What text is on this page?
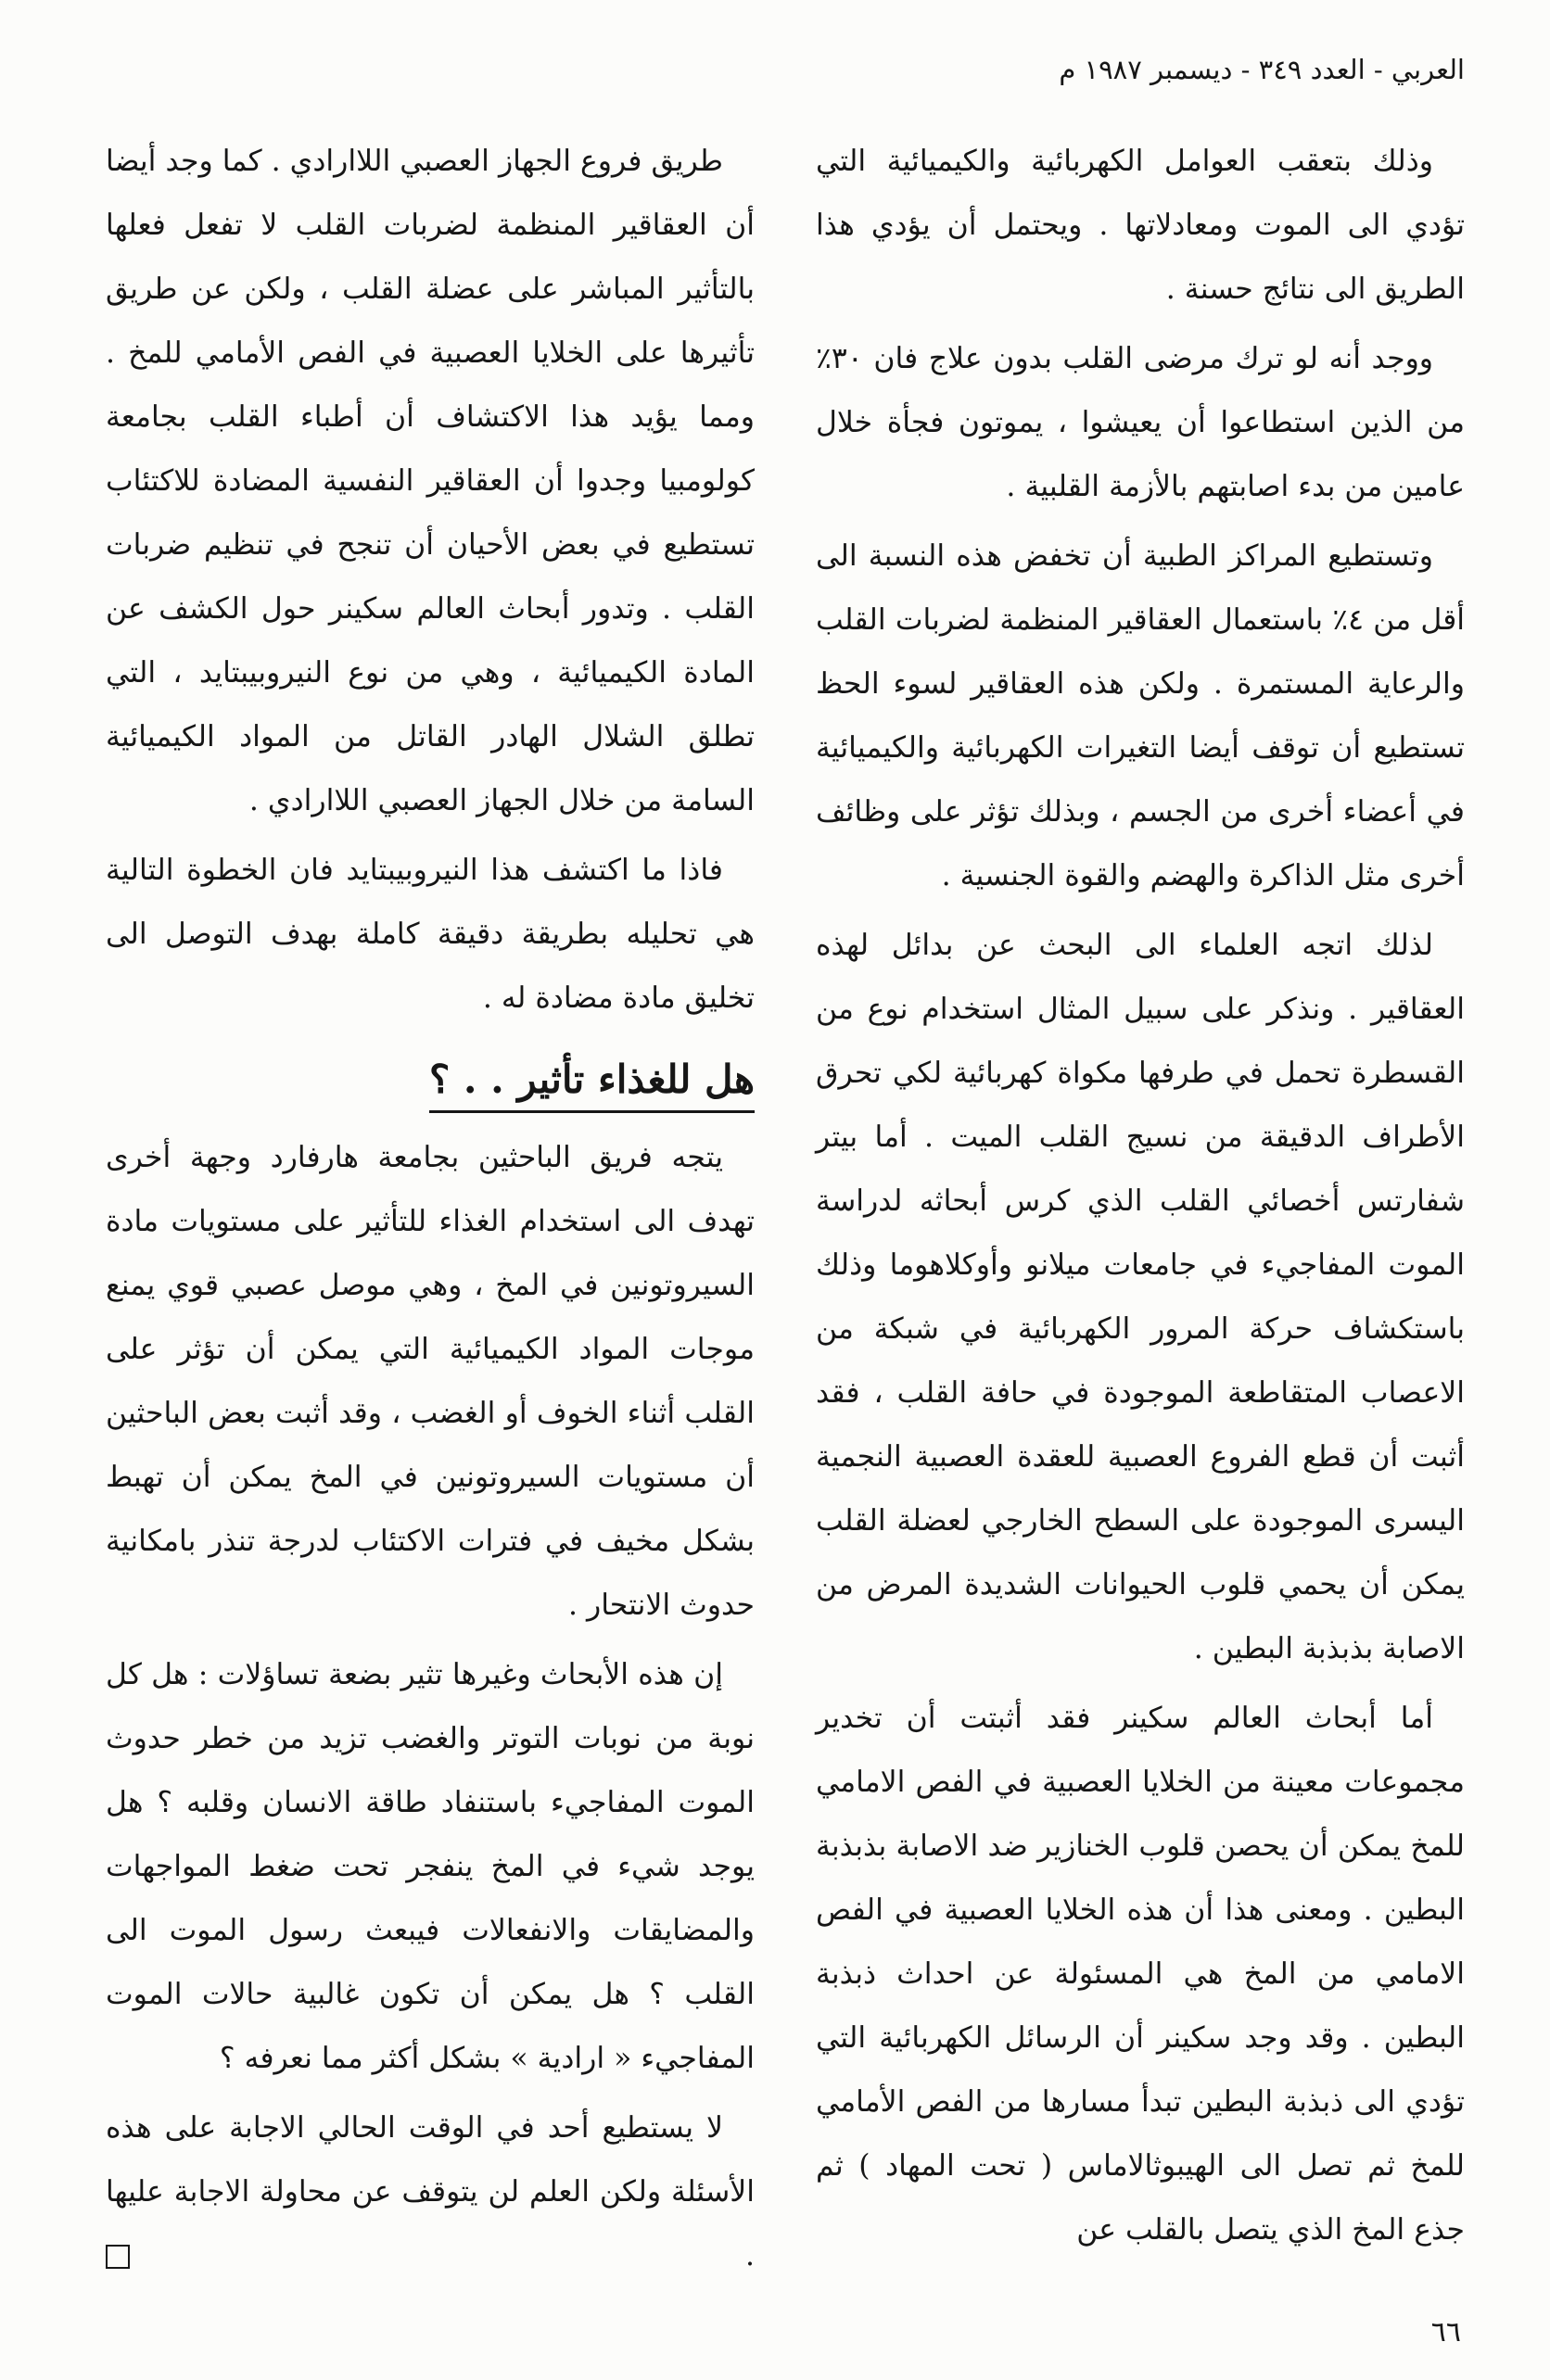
العربي - العدد ٣٤٩ - ديسمبر ١٩٨٧ م

وذلك بتعقب العوامل الكهربائية والكيميائية التي تؤدي الى الموت ومعادلاتها . ويحتمل أن يؤدي هذا الطريق الى نتائج حسنة .

ووجد أنه لو ترك مرضى القلب بدون علاج فان ٣٠٪ من الذين استطاعوا أن يعيشوا ، يموتون فجأة خلال عامين من بدء اصابتهم بالأزمة القلبية .

وتستطيع المراكز الطبية أن تخفض هذه النسبة الى أقل من ٤٪ باستعمال العقاقير المنظمة لضربات القلب والرعاية المستمرة . ولكن هذه العقاقير لسوء الحظ تستطيع أن توقف أيضا التغيرات الكهربائية والكيميائية في أعضاء أخرى من الجسم ، وبذلك تؤثر على وظائف أخرى مثل الذاكرة والهضم والقوة الجنسية .

لذلك اتجه العلماء الى البحث عن بدائل لهذه العقاقير . ونذكر على سبيل المثال استخدام نوع من القسطرة تحمل في طرفها مكواة كهربائية لكي تحرق الأطراف الدقيقة من نسيج القلب الميت . أما بيتر شفارتس أخصائي القلب الذي كرس أبحاثه لدراسة الموت المفاجيء في جامعات ميلانو وأوكلاهوما وذلك باستكشاف حركة المرور الكهربائية في شبكة من الاعصاب المتقاطعة الموجودة في حافة القلب ، فقد أثبت أن قطع الفروع العصبية للعقدة العصبية النجمية اليسرى الموجودة على السطح الخارجي لعضلة القلب يمكن أن يحمي قلوب الحيوانات الشديدة المرض من الاصابة بذبذبة البطين .

أما أبحاث العالم سكينر فقد أثبتت أن تخدير مجموعات معينة من الخلايا العصبية في الفص الامامي للمخ يمكن أن يحصن قلوب الخنازير ضد الاصابة بذبذبة البطين . ومعنى هذا أن هذه الخلايا العصبية في الفص الامامي من المخ هي المسئولة عن احداث ذبذبة البطين . وقد وجد سكينر أن الرسائل الكهربائية التي تؤدي الى ذبذبة البطين تبدأ مسارها من الفص الأمامي للمخ ثم تصل الى الهيبوثالاماس ( تحت المهاد ) ثم جذع المخ الذي يتصل بالقلب عن

طريق فروع الجهاز العصبي اللاارادي . كما وجد أيضا أن العقاقير المنظمة لضربات القلب لا تفعل فعلها بالتأثير المباشر على عضلة القلب ، ولكن عن طريق تأثيرها على الخلايا العصبية في الفص الأمامي للمخ . ومما يؤيد هذا الاكتشاف أن أطباء القلب بجامعة كولومبيا وجدوا أن العقاقير النفسية المضادة للاكتئاب تستطيع في بعض الأحيان أن تنجح في تنظيم ضربات القلب . وتدور أبحاث العالم سكينر حول الكشف عن المادة الكيميائية ، وهي من نوع النيروبيبتايد ، التي تطلق الشلال الهادر القاتل من المواد الكيميائية السامة من خلال الجهاز العصبي اللاارادي .

فاذا ما اكتشف هذا النيروبيبتايد فان الخطوة التالية هي تحليله بطريقة دقيقة كاملة بهدف التوصل الى تخليق مادة مضادة له .

هل للغذاء تأثير . . ؟

يتجه فريق الباحثين بجامعة هارفارد وجهة أخرى تهدف الى استخدام الغذاء للتأثير على مستويات مادة السيروتونين في المخ ، وهي موصل عصبي قوي يمنع موجات المواد الكيميائية التي يمكن أن تؤثر على القلب أثناء الخوف أو الغضب ، وقد أثبت بعض الباحثين أن مستويات السيروتونين في المخ يمكن أن تهبط بشكل مخيف في فترات الاكتئاب لدرجة تنذر بامكانية حدوث الانتحار .

إن هذه الأبحاث وغيرها تثير بضعة تساؤلات : هل كل نوبة من نوبات التوتر والغضب تزيد من خطر حدوث الموت المفاجيء باستنفاد طاقة الانسان وقلبه ؟ هل يوجد شيء في المخ ينفجر تحت ضغط المواجهات والمضايقات والانفعالات فيبعث رسول الموت الى القلب ؟ هل يمكن أن تكون غالبية حالات الموت المفاجيء « ارادية » بشكل أكثر مما نعرفه ؟

لا يستطيع أحد في الوقت الحالي الاجابة على هذه الأسئلة ولكن العلم لن يتوقف عن محاولة الاجابة عليها .

٦٦
